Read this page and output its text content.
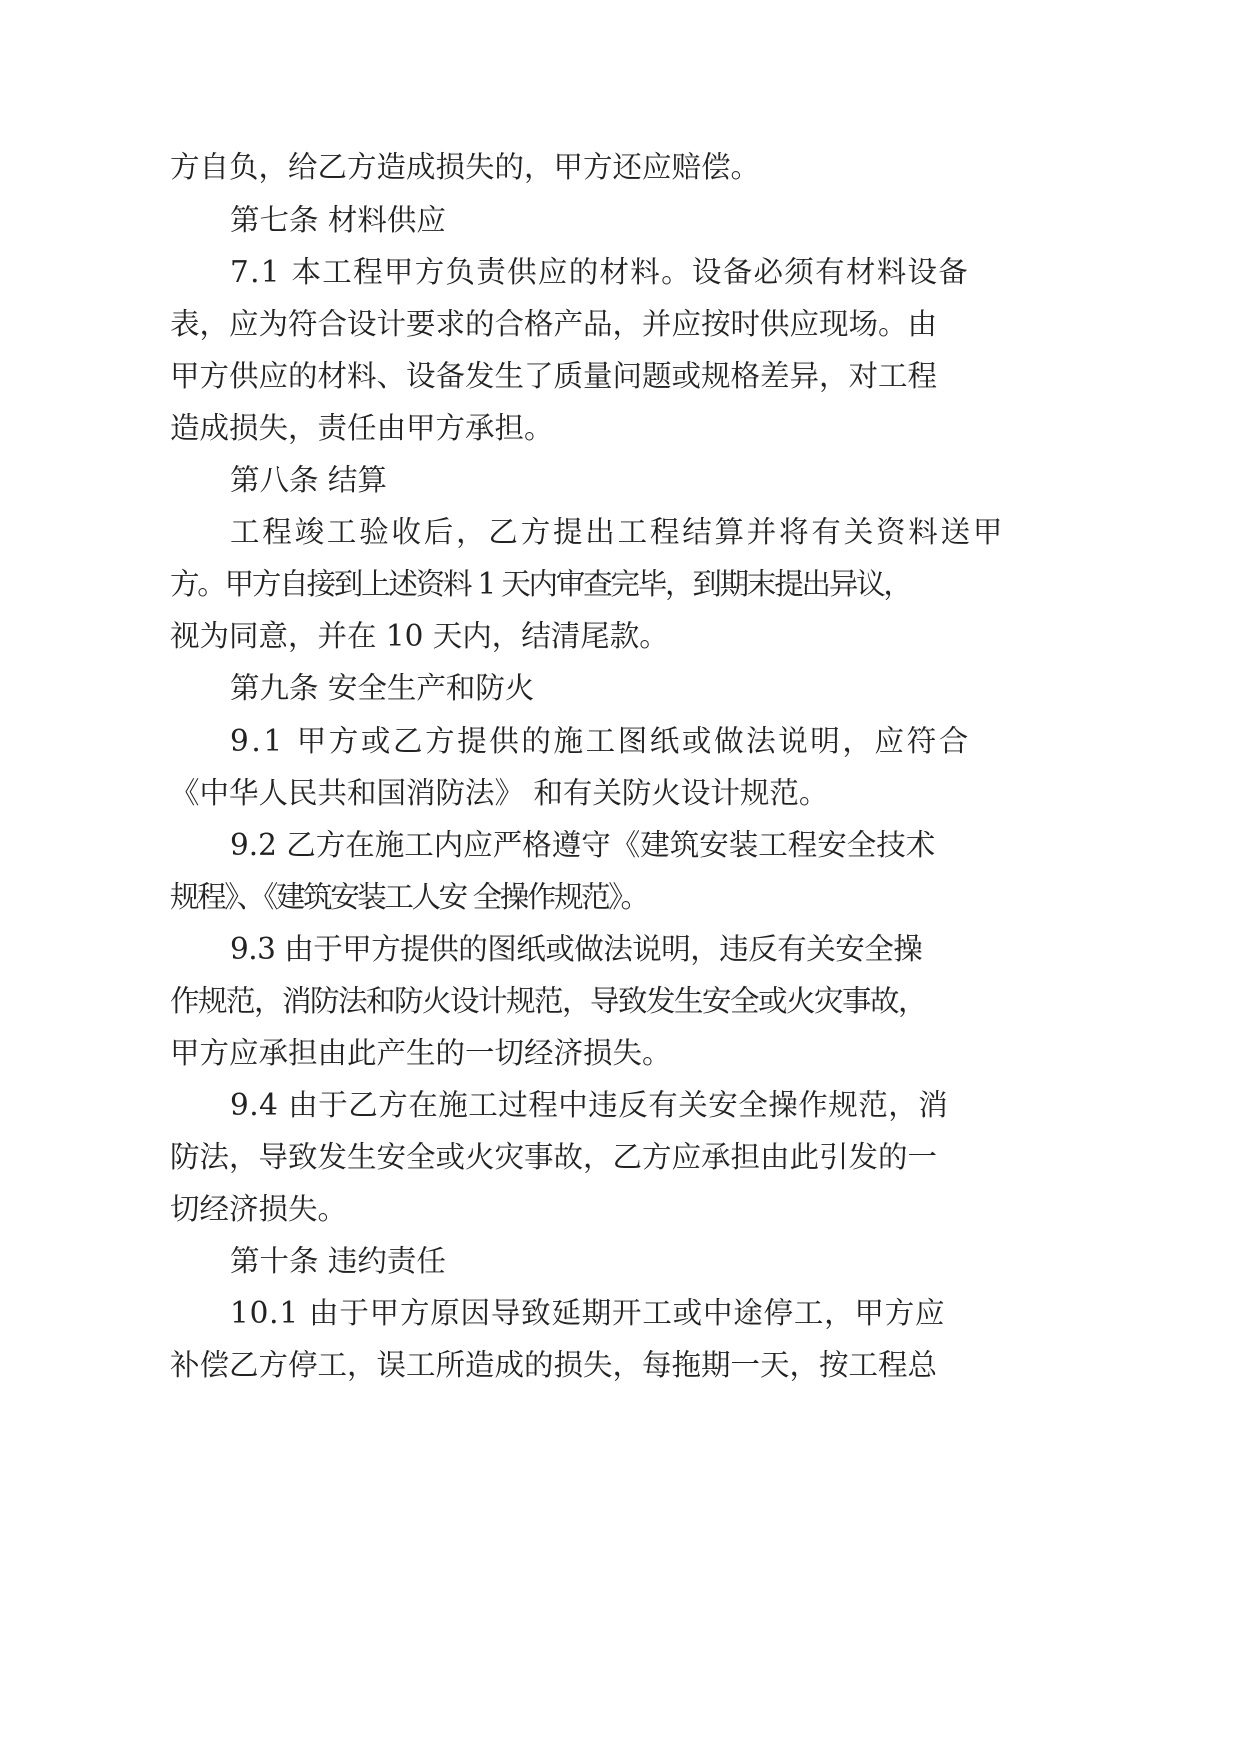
方自负，给乙方造成损失的，甲方还应赔偿。
第七条 材料供应
7.1 本工程甲方负责供应的材料。设备必须有材料设备
表，应为符合设计要求的合格产品，并应按时供应现场。由
甲方供应的材料、设备发生了质量问题或规格差异，对工程
造成损失，责任由甲方承担。
第八条 结算
工程竣工验收后，乙方提出工程结算并将有关资料送甲
方。甲方自接到上述资料 1 天内审查完毕，到期末提出异议，
视为同意，并在 10 天内，结清尾款。
第九条 安全生产和防火
9.1 甲方或乙方提供的施工图纸或做法说明，应符合
《中华人民共和国消防法》 和有关防火设计规范。
9.2 乙方在施工内应严格遵守《建筑安装工程安全技术
规程》、《建筑安装工人安 全操作规范》。
9.3 由于甲方提供的图纸或做法说明，违反有关安全操
作规范，消防法和防火设计规范，导致发生安全或火灾事故，
甲方应承担由此产生的一切经济损失。
9.4 由于乙方在施工过程中违反有关安全操作规范，消
防法，导致发生安全或火灾事故，乙方应承担由此引发的一
切经济损失。
第十条 违约责任
10.1 由于甲方原因导致延期开工或中途停工，甲方应
补偿乙方停工，误工所造成的损失，每拖期一天，按工程总
